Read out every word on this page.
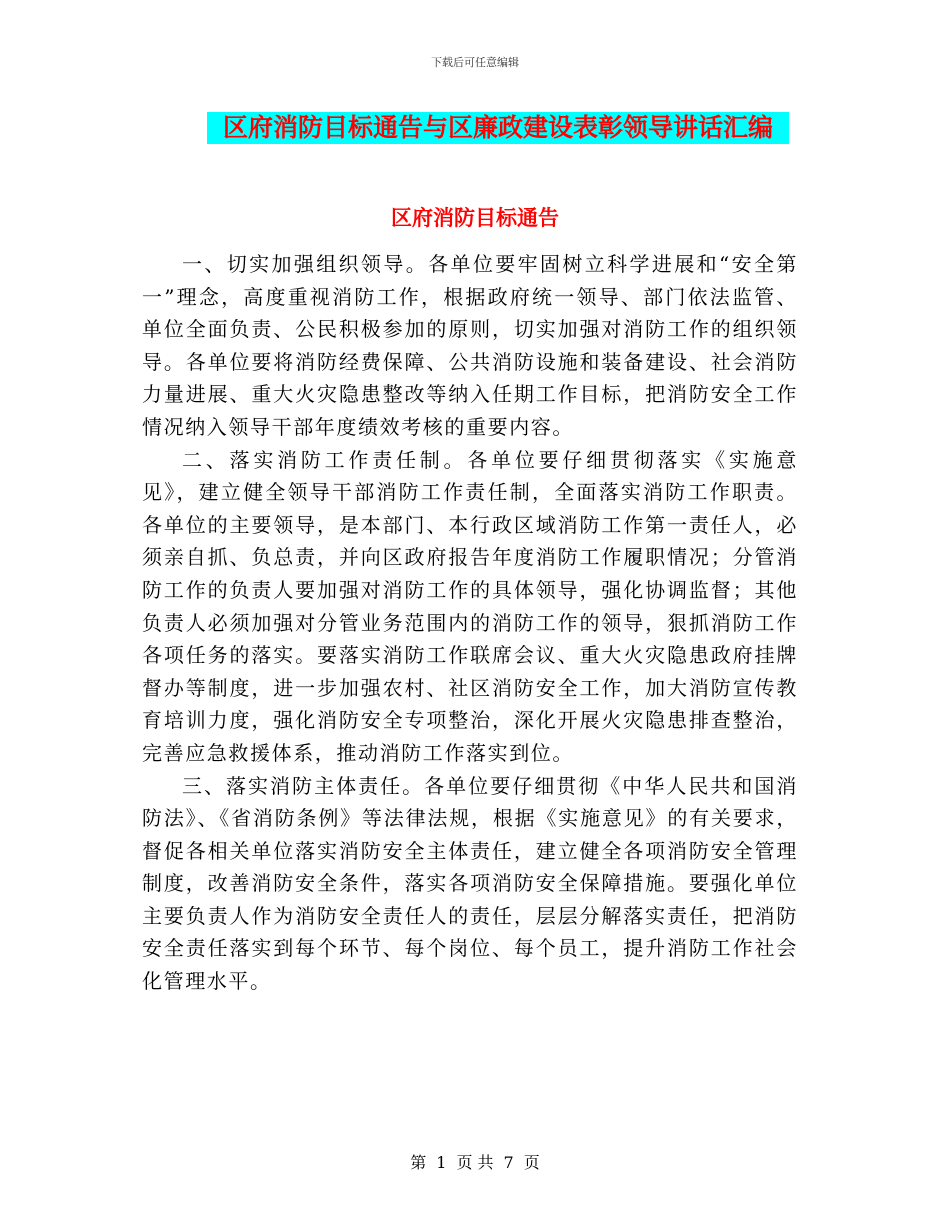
下载后可任意编辑
区府消防目标通告与区廉政建设表彰领导讲话汇编
区府消防目标通告

一、切实加强组织领导。各单位要牢固树立科学进展和“安全第一”理念，高度重视消防工作，根据政府统一领导、部门依法监管、单位全面负责、公民积极参加的原则，切实加强对消防工作的组织领导。各单位要将消防经费保障、公共消防设施和装备建设、社会消防力量进展、重大火灾隐患整改等纳入任期工作目标，把消防安全工作情况纳入领导干部年度绩效考核的重要内容。

二、落实消防工作责任制。各单位要仔细贯彻落实《实施意见》，建立健全领导干部消防工作责任制，全面落实消防工作职责。各单位的主要领导，是本部门、本行政区域消防工作第一责任人，必须亲自抓、负总责，并向区政府报告年度消防工作履职情况；分管消防工作的负责人要加强对消防工作的具体领导，强化协调监督；其他负责人必须加强对分管业务范围内的消防工作的领导，狠抓消防工作各项任务的落实。要落实消防工作联席会议、重大火灾隐患政府挂牌督办等制度，进一步加强农村、社区消防安全工作，加大消防宣传教育培训力度，强化消防安全专项整治，深化开展火灾隐患排查整治，完善应急救援体系，推动消防工作落实到位。

三、落实消防主体责任。各单位要仔细贯彻《中华人民共和国消防法》、《省消防条例》等法律法规，根据《实施意见》的有关要求，督促各相关单位落实消防安全主体责任，建立健全各项消防安全管理制度，改善消防安全条件，落实各项消防安全保障措施。要强化单位主要负责人作为消防安全责任人的责任，层层分解落实责任，把消防安全责任落实到每个环节、每个岗位、每个员工，提升消防工作社会化管理水平。

第 1 页 共 7 页
